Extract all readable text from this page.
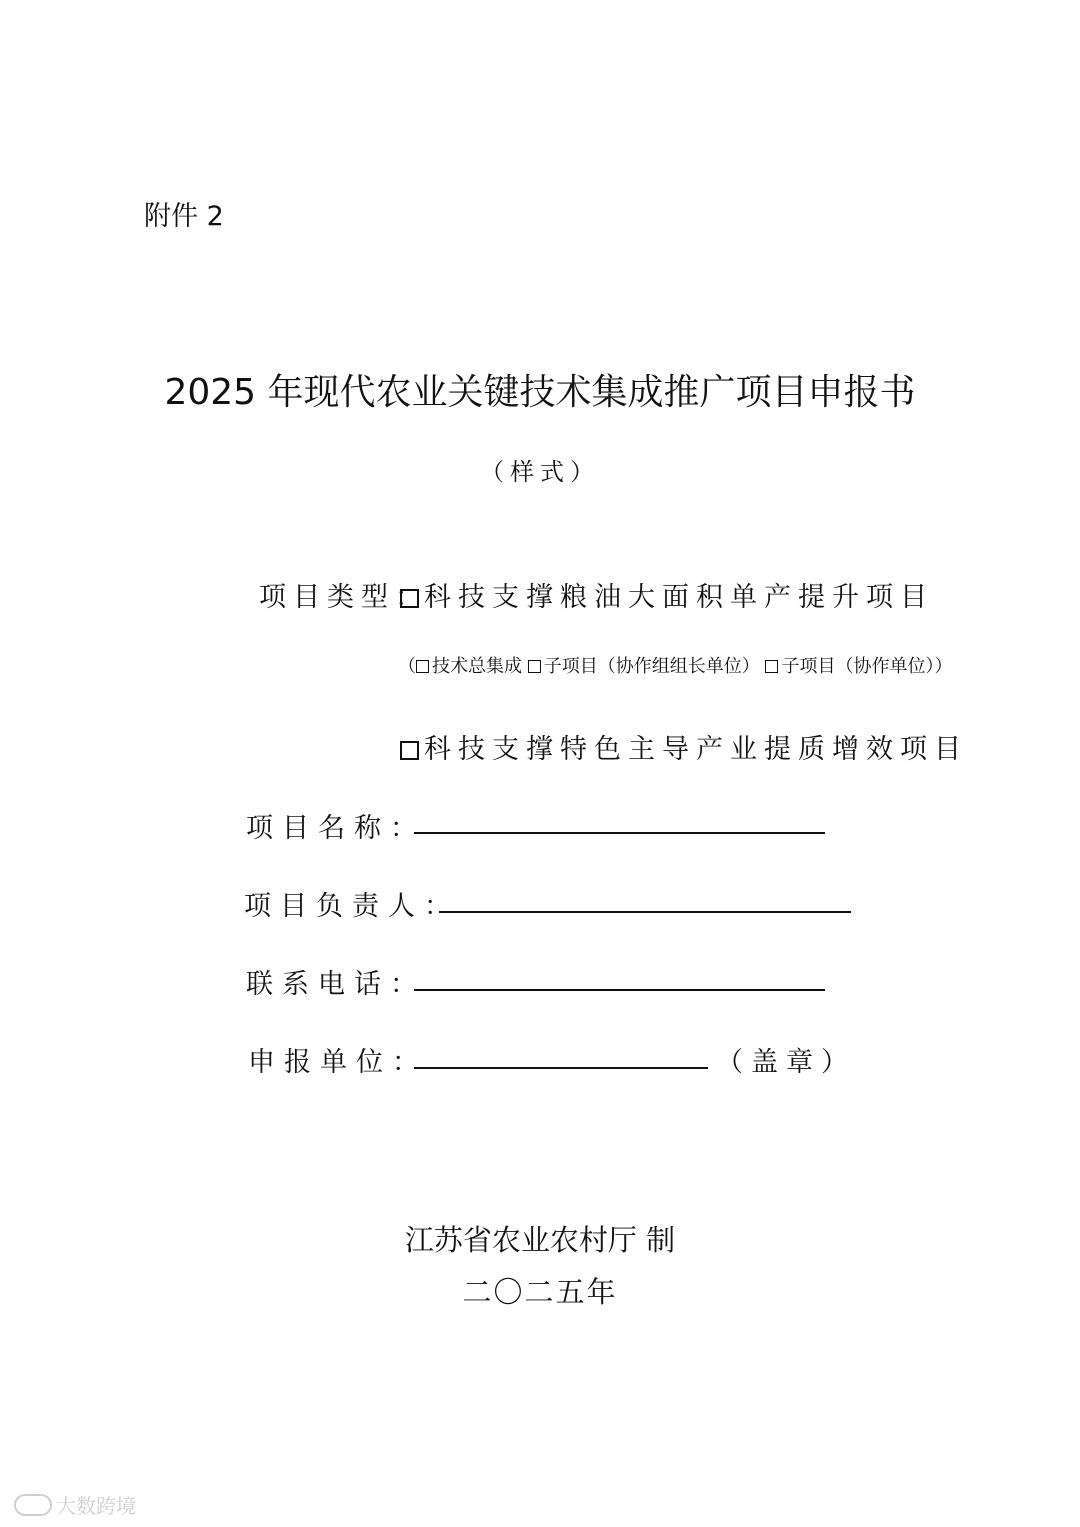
附件 2
2025 年现代农业关键技术集成推广项目申报书
（样式）
项目类型：
科技支撑粮油大面积单产提升项目
（ 技术总集成 子项目（协作组组长单位） 子项目（协作单位））
科技支撑特色主导产业提质增效项目
项目名称：
项目负责人：
联系电话：
申报单位：	（盖章）
江苏省农业农村厅 制
二〇二五年
大数跨境
